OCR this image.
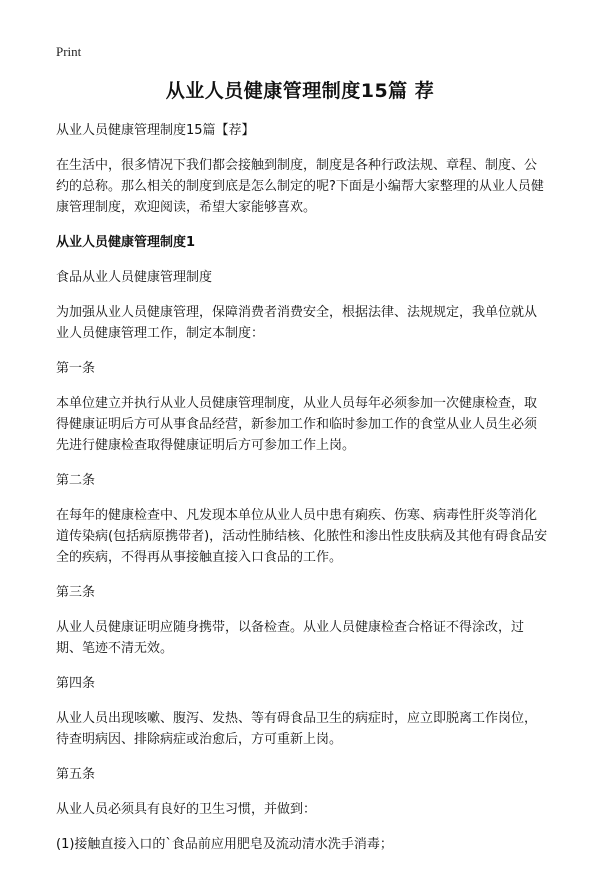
Print
从业人员健康管理制度15篇 荐

从业人员健康管理制度15篇【荐】

在生活中，很多情况下我们都会接触到制度，制度是各种行政法规、章程、制度、公约的总称。那么相关的制度到底是怎么制定的呢?下面是小编帮大家整理的从业人员健康管理制度，欢迎阅读，希望大家能够喜欢。

从业人员健康管理制度1

食品从业人员健康管理制度

为加强从业人员健康管理，保障消费者消费安全，根据法律、法规规定，我单位就从业人员健康管理工作，制定本制度：

第一条

本单位建立并执行从业人员健康管理制度，从业人员每年必须参加一次健康检查，取得健康证明后方可从事食品经营，新参加工作和临时参加工作的食堂从业人员生必须先进行健康检查取得健康证明后方可参加工作上岗。

第二条

在每年的健康检查中、凡发现本单位从业人员中患有痢疾、伤寒、病毒性肝炎等消化道传染病(包括病原携带者)，活动性肺结核、化脓性和渗出性皮肤病及其他有碍食品安全的疾病，不得再从事接触直接入口食品的工作。

第三条

从业人员健康证明应随身携带，以备检查。从业人员健康检查合格证不得涂改，过期、笔迹不清无效。

第四条

从业人员出现咳嗽、腹泻、发热、等有碍食品卫生的病症时，应立即脱离工作岗位，待查明病因、排除病症或治愈后，方可重新上岗。

第五条

从业人员必须具有良好的卫生习惯，并做到：

(1)接触直接入口的`食品前应用肥皂及流动清水洗手消毒；
